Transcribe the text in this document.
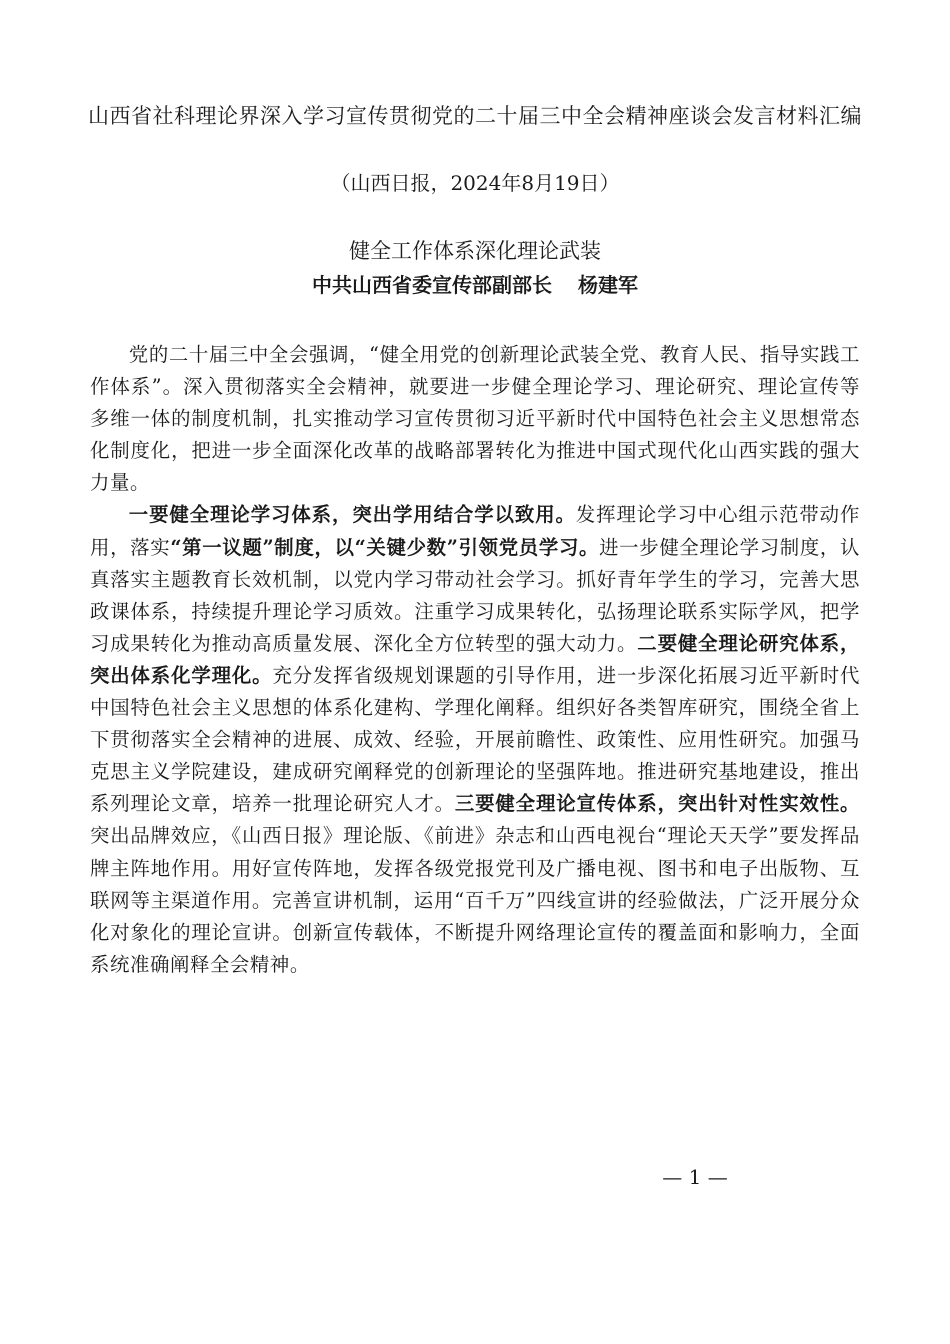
山西省社科理论界深入学习宣传贯彻党的二十届三中全会精神座谈会发言材料汇编
（山西日报，2024年8月19日）
健全工作体系深化理论武装
中共山西省委宣传部副部长 杨建军

党的二十届三中全会强调，“健全用党的创新理论武装全党、教育人民、指导实践工作体系”。深入贯彻落实全会精神，就要进一步健全理论学习、理论研究、理论宣传等多维一体的制度机制，扎实推动学习宣传贯彻习近平新时代中国特色社会主义思想常态化制度化，把进一步全面深化改革的战略部署转化为推进中国式现代化山西实践的强大力量。

一要健全理论学习体系，突出学用结合学以致用。发挥理论学习中心组示范带动作用，落实“第一议题”制度，以“关键少数”引领党员学习。进一步健全理论学习制度，认真落实主题教育长效机制，以党内学习带动社会学习。抓好青年学生的学习，完善大思政课体系，持续提升理论学习质效。注重学习成果转化，弘扬理论联系实际学风，把学习成果转化为推动高质量发展、深化全方位转型的强大动力。二要健全理论研究体系，突出体系化学理化。充分发挥省级规划课题的引导作用，进一步深化拓展习近平新时代中国特色社会主义思想的体系化建构、学理化阐释。组织好各类智库研究，围绕全省上下贯彻落实全会精神的进展、成效、经验，开展前瞻性、政策性、应用性研究。加强马克思主义学院建设，建成研究阐释党的创新理论的坚强阵地。推进研究基地建设，推出系列理论文章，培养一批理论研究人才。三要健全理论宣传体系，突出针对性实效性。突出品牌效应，《山西日报》理论版、《前进》杂志和山西电视台“理论天天学”要发挥品牌主阵地作用。用好宣传阵地，发挥各级党报党刊及广播电视、图书和电子出版物、互联网等主渠道作用。完善宣讲机制，运用“百千万”四线宣讲的经验做法，广泛开展分众化对象化的理论宣讲。创新宣传载体，不断提升网络理论宣传的覆盖面和影响力，全面系统准确阐释全会精神。

— 1 —
